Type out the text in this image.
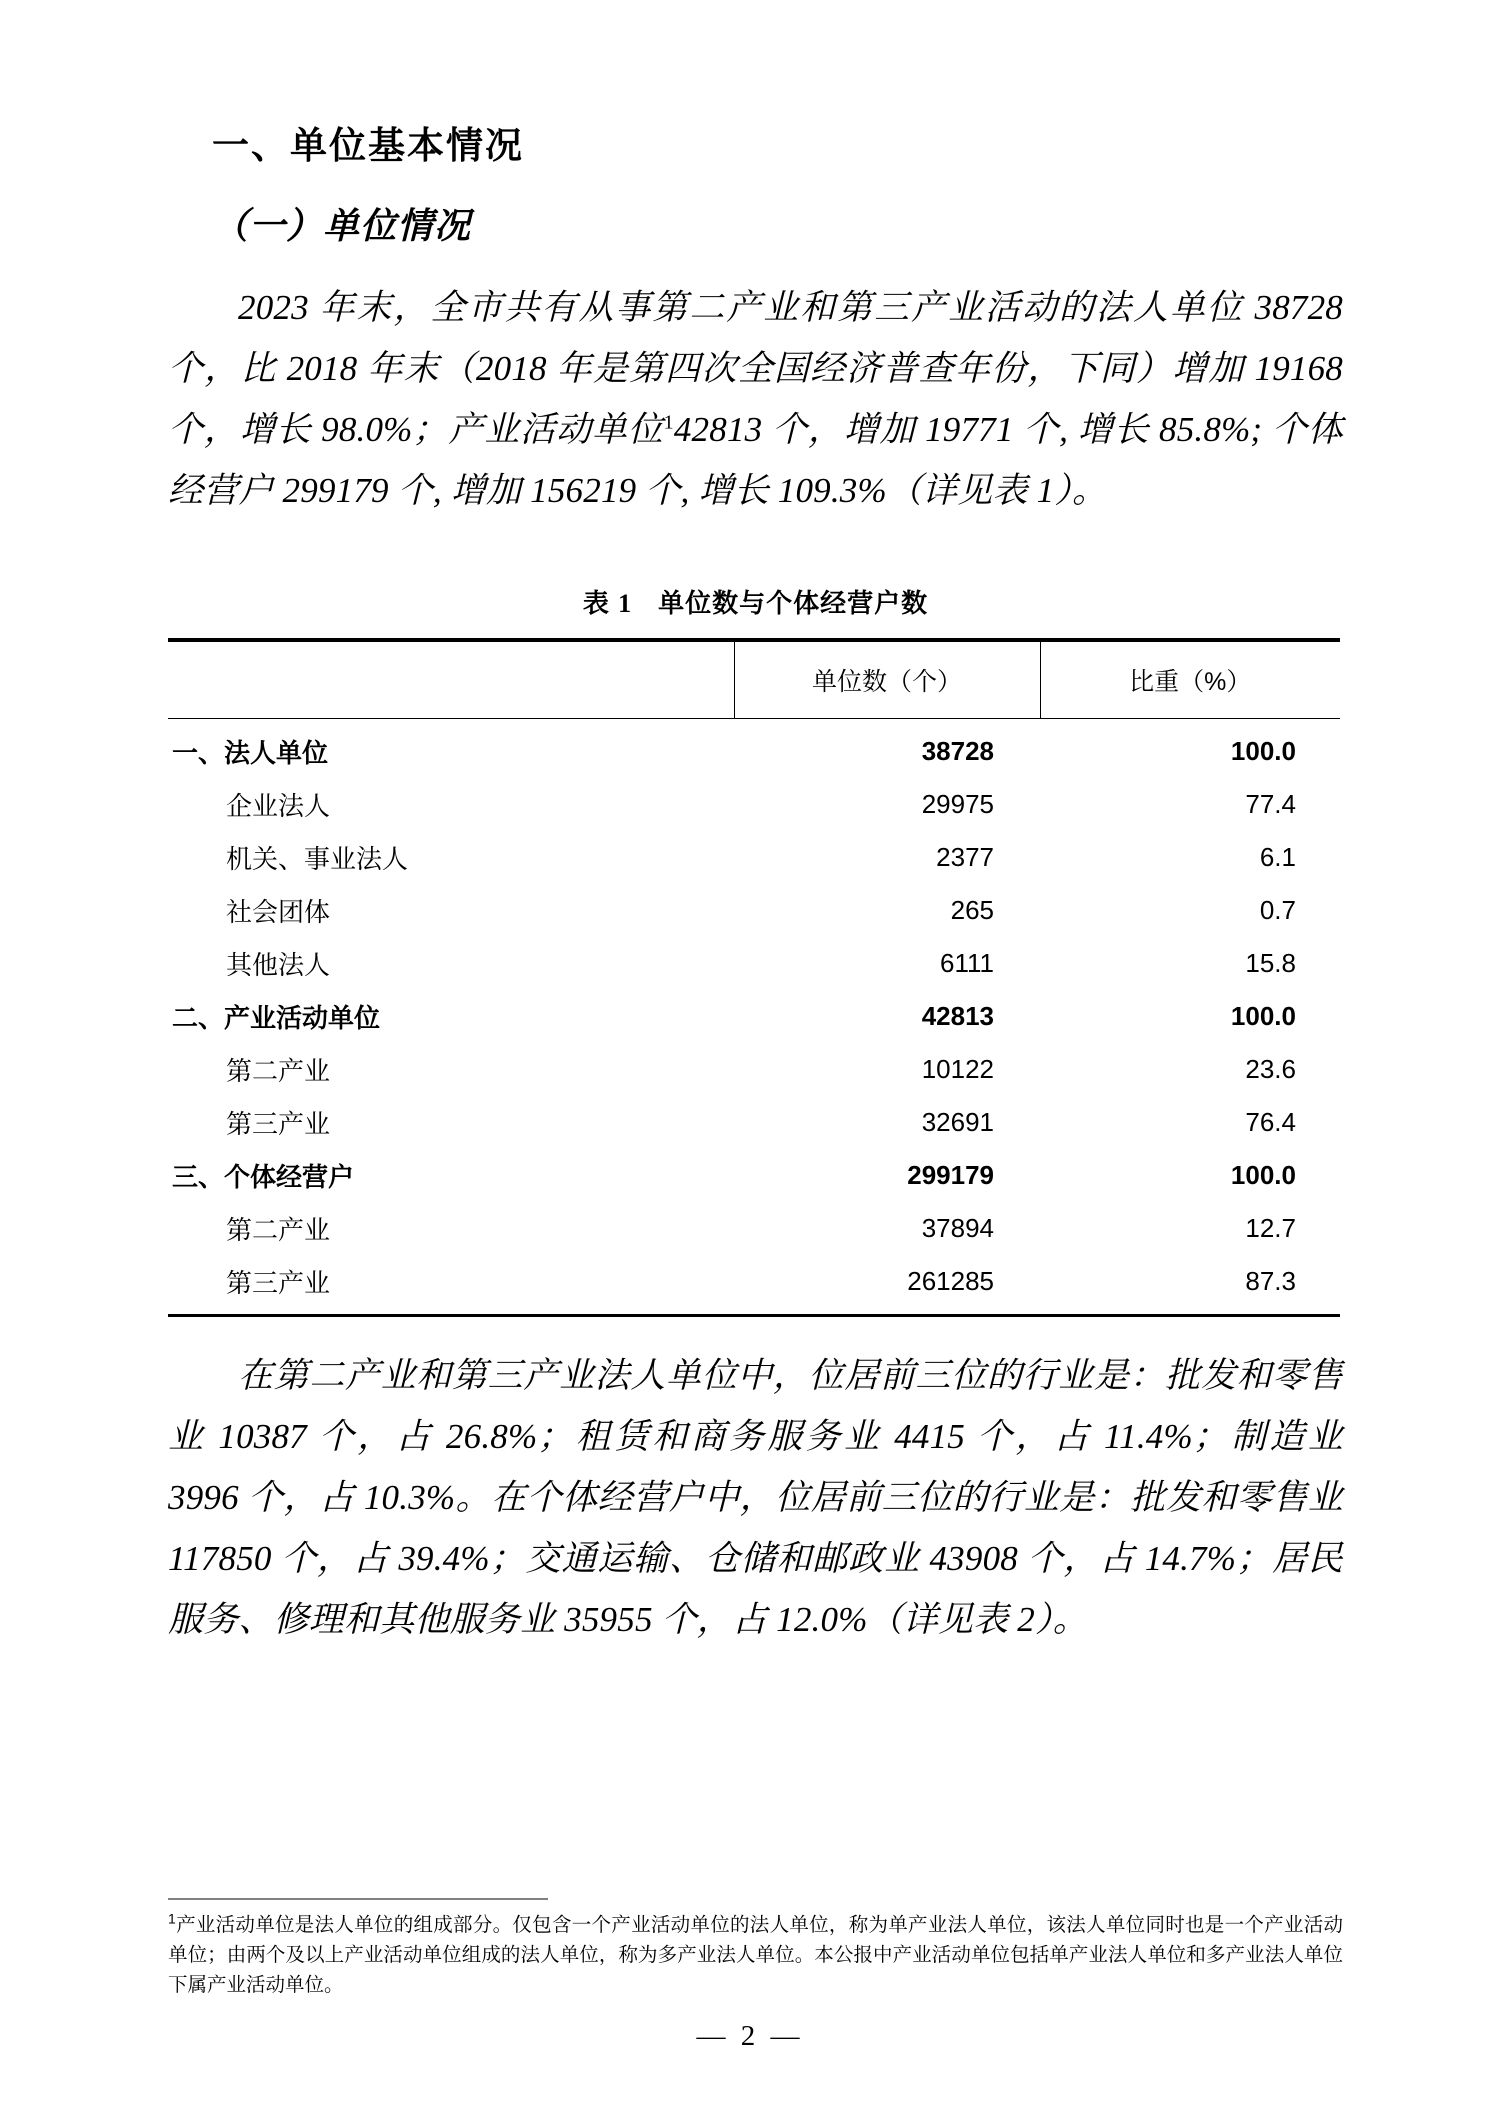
一、单位基本情况
（一）单位情况

2023 年末，全市共有从事第二产业和第三产业活动的法人单位 38728 个，比 2018 年末（2018 年是第四次全国经济普查年份，下同）增加 19168 个，增长 98.0%；产业活动单位$^1$42813 个，增加 19771 个, 增长 85.8%; 个体经营户 299179 个, 增加 156219 个, 增长 109.3%（详见表 1）。

表 1 单位数与个体经营户数

	单位数（个）	比重（%）
一、法人单位	38728	100.0
企业法人	29975	77.4
机关、事业法人	2377	6.1
社会团体	265	0.7
其他法人	6111	15.8
二、产业活动单位	42813	100.0
第二产业	10122	23.6
第三产业	32691	76.4
三、个体经营户	299179	100.0
第二产业	37894	12.7
第三产业	261285	87.3

在第二产业和第三产业法人单位中，位居前三位的行业是：批发和零售业 10387 个，占 26.8%；租赁和商务服务业 4415 个，占 11.4%；制造业 3996 个，占 10.3%。在个体经营户中，位居前三位的行业是：批发和零售业 117850 个，占 39.4%；交通运输、仓储和邮政业 43908 个，占 14.7%；居民服务、修理和其他服务业 35955 个，占 12.0%（详见表 2）。

$^1$产业活动单位是法人单位的组成部分。仅包含一个产业活动单位的法人单位，称为单产业法人单位，该法人单位同时也是一个产业活动单位；由两个及以上产业活动单位组成的法人单位，称为多产业法人单位。本公报中产业活动单位包括单产业法人单位和多产业法人单位下属产业活动单位。

— 2 —
